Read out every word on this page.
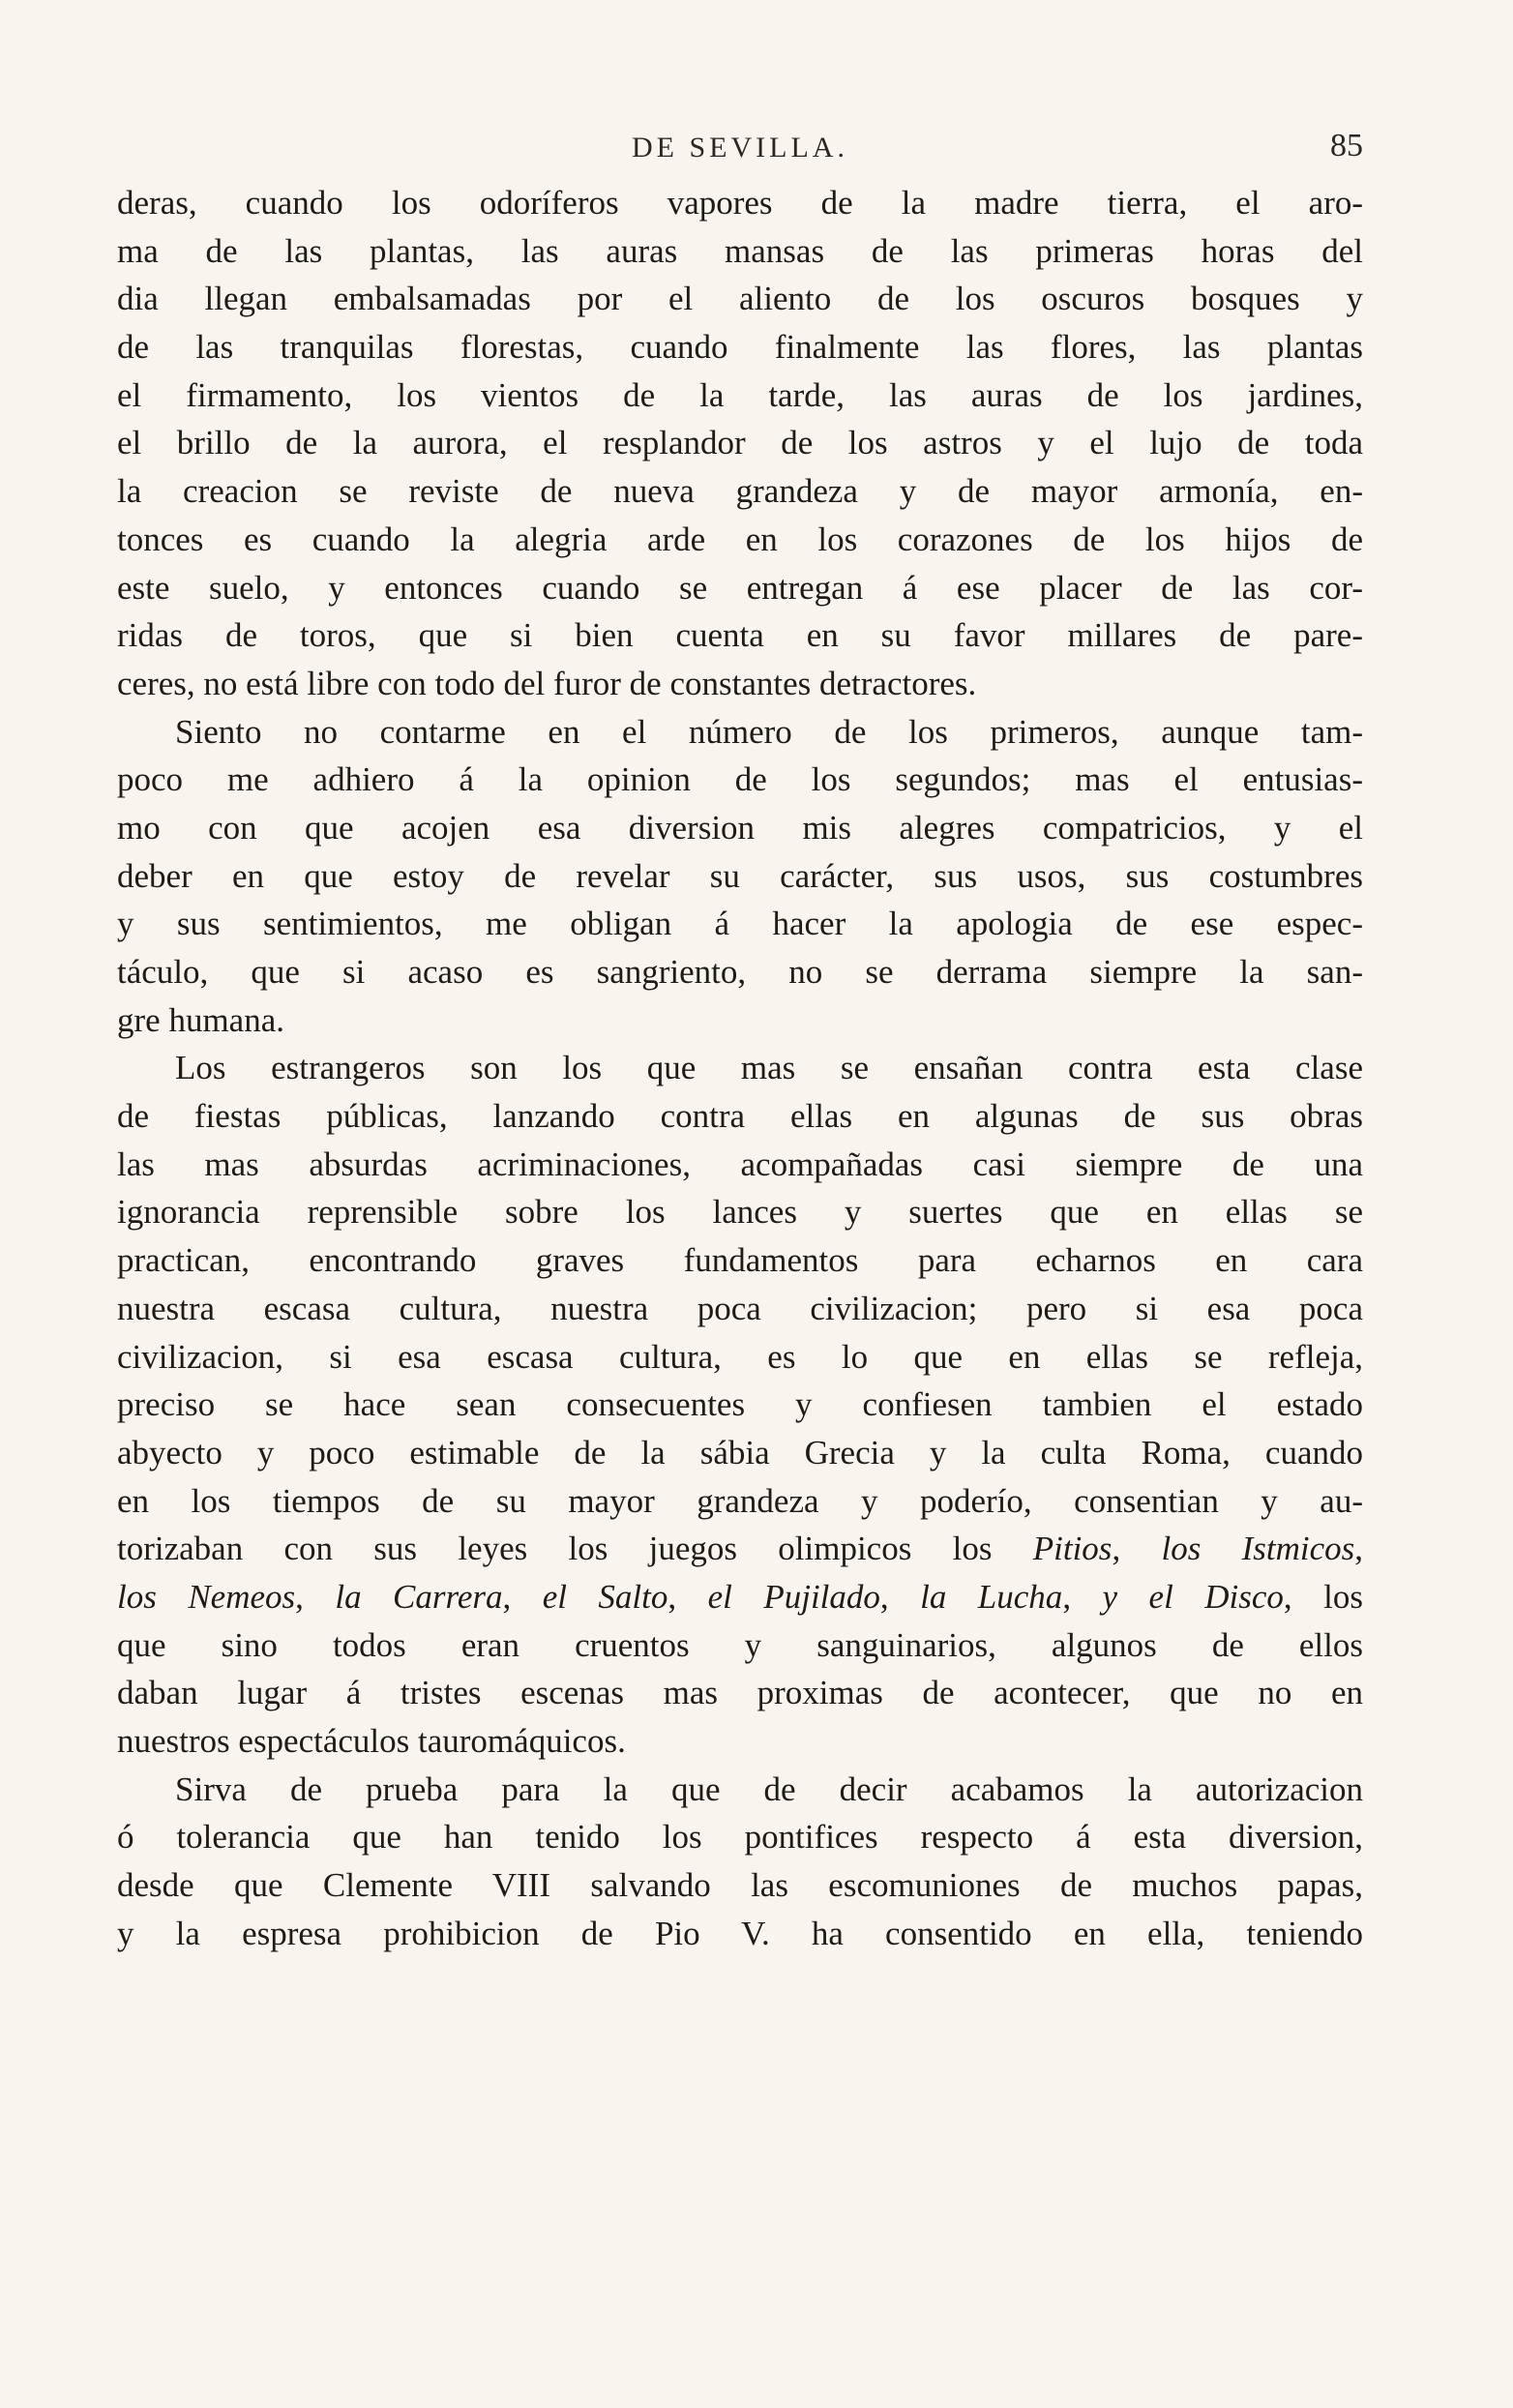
DE SEVILLA.	85
deras, cuando los odoríferos vapores de la madre tierra, el aro-
ma de las plantas, las auras mansas de las primeras horas del
dia llegan embalsamadas por el aliento de los oscuros bosques y
de las tranquilas florestas, cuando finalmente las flores, las plantas
el firmamento, los vientos de la tarde, las auras de los jardines,
el brillo de la aurora, el resplandor de los astros y el lujo de toda
la creacion se reviste de nueva grandeza y de mayor armonía, en-
tonces es cuando la alegria arde en los corazones de los hijos de
este suelo, y entonces cuando se entregan á ese placer de las cor-
ridas de toros, que si bien cuenta en su favor millares de pare-
ceres, no está libre con todo del furor de constantes detractores.
Siento no contarme en el número de los primeros, aunque tam-
poco me adhiero á la opinion de los segundos; mas el entusias-
mo con que acojen esa diversion mis alegres compatricios, y el
deber en que estoy de revelar su carácter, sus usos, sus costumbres
y sus sentimientos, me obligan á hacer la apologia de ese espec-
táculo, que si acaso es sangriento, no se derrama siempre la san-
gre humana.
Los estrangeros son los que mas se ensañan contra esta clase
de fiestas públicas, lanzando contra ellas en algunas de sus obras
las mas absurdas acriminaciones, acompañadas casi siempre de una
ignorancia reprensible sobre los lances y suertes que en ellas se
practican, encontrando graves fundamentos para echarnos en cara
nuestra escasa cultura, nuestra poca civilizacion; pero si esa poca
civilizacion, si esa escasa cultura, es lo que en ellas se refleja,
preciso se hace sean consecuentes y confiesen tambien el estado
abyecto y poco estimable de la sábia Grecia y la culta Roma, cuando
en los tiempos de su mayor grandeza y poderío, consentian y au-
torizaban con sus leyes los juegos olimpicos los Pitios, los Istmicos,
los Nemeos, la Carrera, el Salto, el Pujilado, la Lucha, y el Disco, los
que sino todos eran cruentos y sanguinarios, algunos de ellos
daban lugar á tristes escenas mas proximas de acontecer, que no en
nuestros espectáculos tauromáquicos.
Sirva de prueba para la que de decir acabamos la autorizacion
ó tolerancia que han tenido los pontifices respecto á esta diversion,
desde que Clemente VIII salvando las escomuniones de muchos papas,
y la espresa prohibicion de Pio V. ha consentido en ella, teniendo
